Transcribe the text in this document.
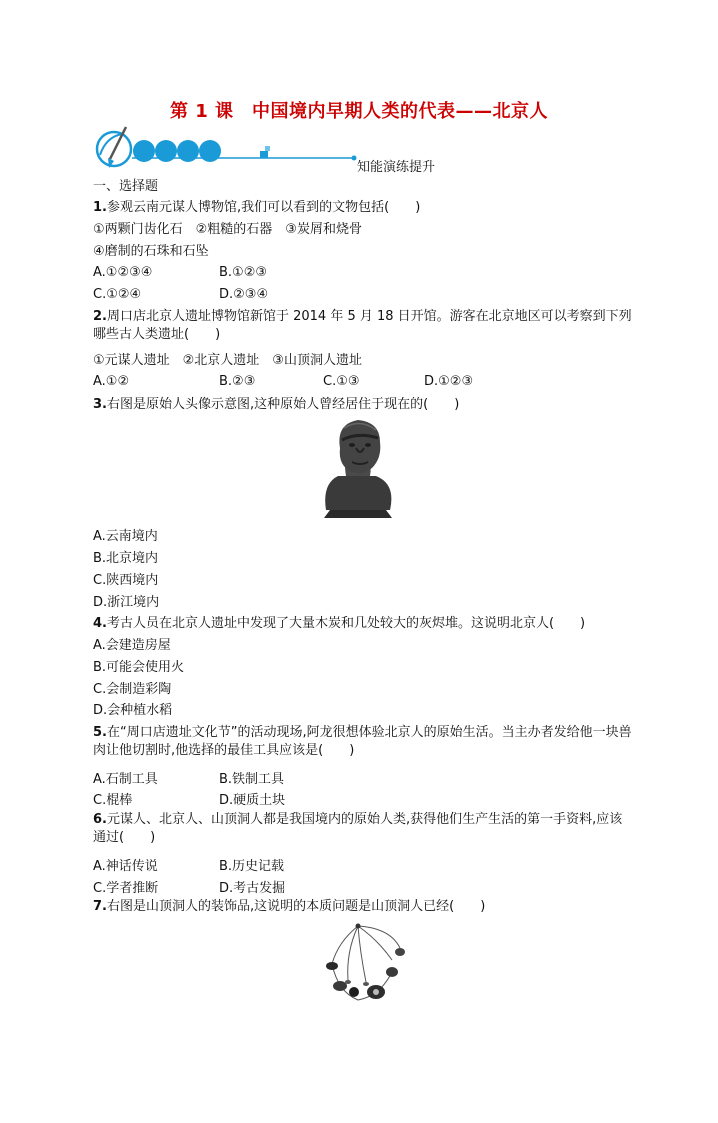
第 1 课　中国境内早期人类的代表——北京人
知能演练提升
一、选择题
1.参观云南元谋人博物馆,我们可以看到的文物包括(　　)
①两颗门齿化石　②粗糙的石器　③炭屑和烧骨
④磨制的石珠和石坠
A.①②③④	B.①②③
C.①②④	D.②③④
2.周口店北京人遗址博物馆新馆于 2014 年 5 月 18 日开馆。游客在北京地区可以考察到下列哪些古人类遗址(　　)
①元谋人遗址　②北京人遗址　③山顶洞人遗址
A.①②	B.②③	C.①③	D.①②③
3.右图是原始人头像示意图,这种原始人曾经居住于现在的(　　)
A.云南境内
B.北京境内
C.陕西境内
D.浙江境内
4.考古人员在北京人遗址中发现了大量木炭和几处较大的灰烬堆。这说明北京人(　　)
A.会建造房屋
B.可能会使用火
C.会制造彩陶
D.会种植水稻
5.在“周口店遗址文化节”的活动现场,阿龙很想体验北京人的原始生活。当主办者发给他一块兽肉让他切割时,他选择的最佳工具应该是(　　)
A.石制工具	B.铁制工具
C.棍棒	D.硬质土块
6.元谋人、北京人、山顶洞人都是我国境内的原始人类,获得他们生产生活的第一手资料,应该通过(　　)
A.神话传说	B.历史记载
C.学者推断	D.考古发掘
7.右图是山顶洞人的装饰品,这说明的本质问题是山顶洞人已经(　　)
